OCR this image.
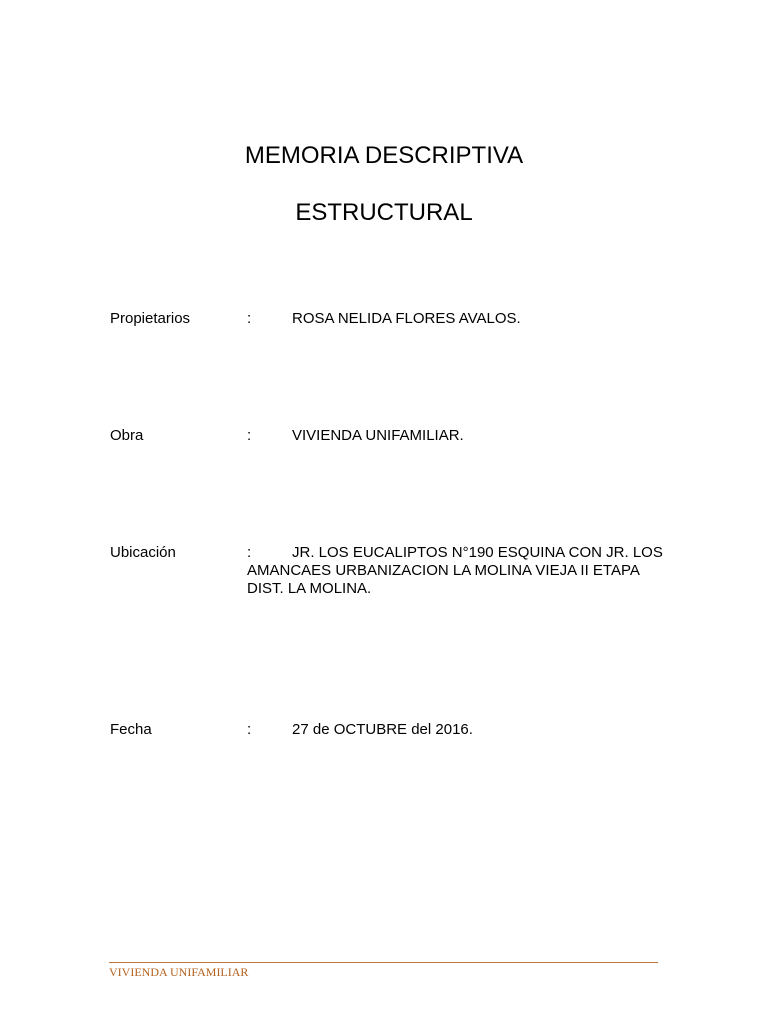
MEMORIA DESCRIPTIVA
ESTRUCTURAL
Propietarios	:	ROSA NELIDA FLORES AVALOS.
Obra	:	VIVIENDA UNIFAMILIAR.
Ubicación	:	JR. LOS EUCALIPTOS N°190 ESQUINA CON JR. LOS AMANCAES URBANIZACION LA MOLINA VIEJA II ETAPA DIST. LA MOLINA.
Fecha	:	27 de OCTUBRE del 2016.
VIVIENDA UNIFAMILIAR
